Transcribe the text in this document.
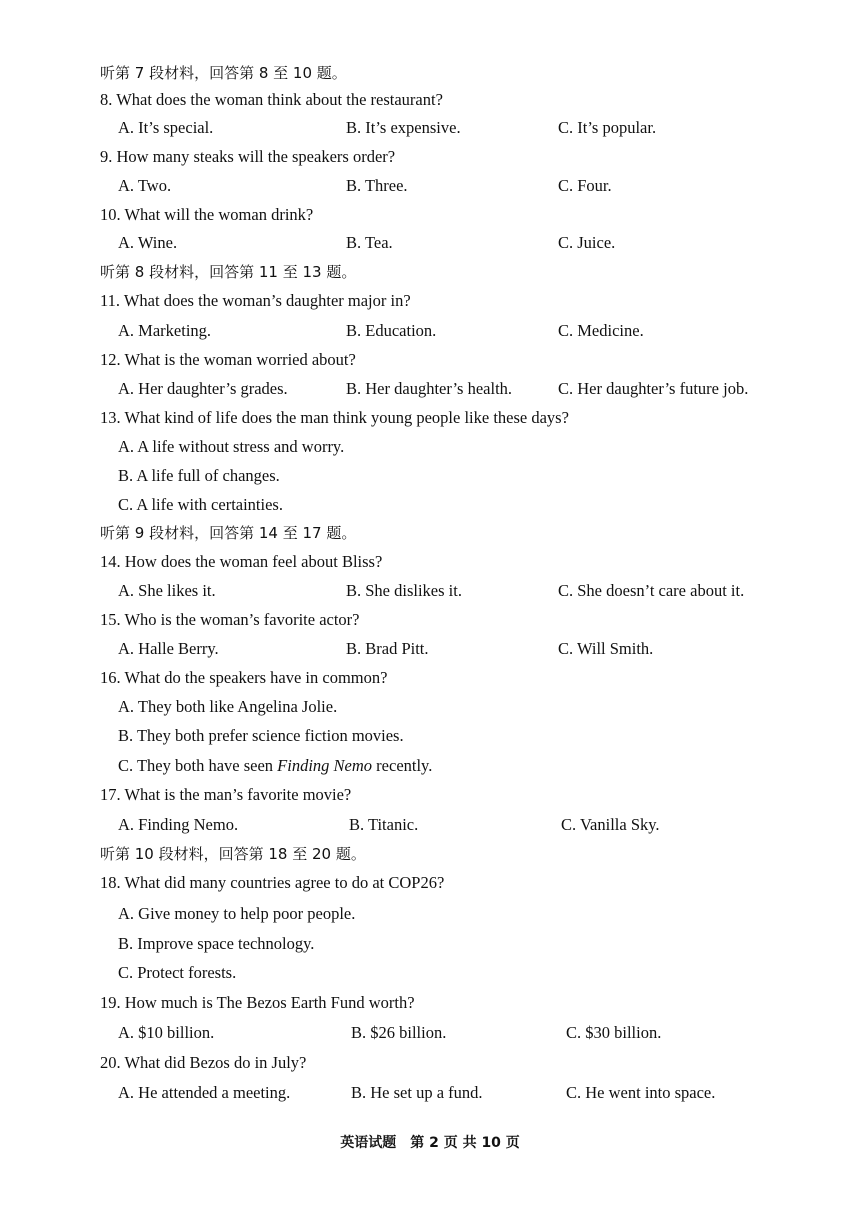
听第 7 段材料，回答第 8 至 10 题。
8. What does the woman think about the restaurant?
A. It’s special.	B. It’s expensive.	C. It’s popular.
9. How many steaks will the speakers order?
A. Two.	B. Three.	C. Four.
10. What will the woman drink?
A. Wine.	B. Tea.	C. Juice.
听第 8 段材料，回答第 11 至 13 题。
11. What does the woman’s daughter major in?
A. Marketing.	B. Education.	C. Medicine.
12. What is the woman worried about?
A. Her daughter’s grades.	B. Her daughter’s health.	C. Her daughter’s future job.
13. What kind of life does the man think young people like these days?
A. A life without stress and worry.
B. A life full of changes.
C. A life with certainties.
听第 9 段材料，回答第 14 至 17 题。
14. How does the woman feel about Bliss?
A. She likes it.	B. She dislikes it.	C. She doesn’t care about it.
15. Who is the woman’s favorite actor?
A. Halle Berry.	B. Brad Pitt.	C. Will Smith.
16. What do the speakers have in common?
A. They both like Angelina Jolie.
B. They both prefer science fiction movies.
C. They both have seen Finding Nemo recently.
17. What is the man’s favorite movie?
A. Finding Nemo.	B. Titanic.	C. Vanilla Sky.
听第 10 段材料，回答第 18 至 20 题。
18. What did many countries agree to do at COP26?
A. Give money to help poor people.
B. Improve space technology.
C. Protect forests.
19. How much is The Bezos Earth Fund worth?
A. $10 billion.	B. $26 billion.	C. $30 billion.
20. What did Bezos do in July?
A. He attended a meeting.	B. He set up a fund.	C. He went into space.
英语试题　第 2 页 共 10 页
